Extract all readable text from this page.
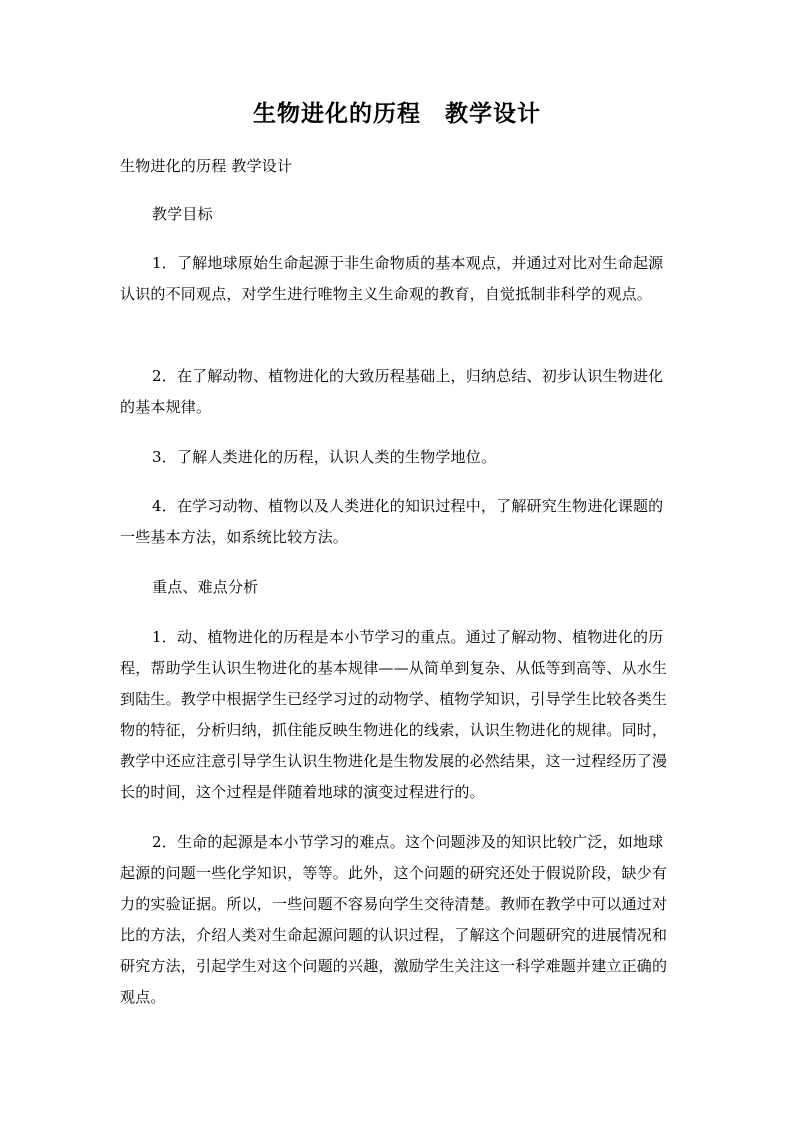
生物进化的历程　教学设计

生物进化的历程 教学设计

教学目标

1．了解地球原始生命起源于非生命物质的基本观点，并通过对比对生命起源认识的不同观点，对学生进行唯物主义生命观的教育，自觉抵制非科学的观点。

2．在了解动物、植物进化的大致历程基础上，归纳总结、初步认识生物进化的基本规律。

3．了解人类进化的历程，认识人类的生物学地位。

4．在学习动物、植物以及人类进化的知识过程中，了解研究生物进化课题的一些基本方法，如系统比较方法。

重点、难点分析

1．动、植物进化的历程是本小节学习的重点。通过了解动物、植物进化的历程，帮助学生认识生物进化的基本规律——从简单到复杂、从低等到高等、从水生到陆生。教学中根据学生已经学习过的动物学、植物学知识，引导学生比较各类生物的特征，分析归纳，抓住能反映生物进化的线索，认识生物进化的规律。同时，教学中还应注意引导学生认识生物进化是生物发展的必然结果，这一过程经历了漫长的时间，这个过程是伴随着地球的演变过程进行的。

2．生命的起源是本小节学习的难点。这个问题涉及的知识比较广泛，如地球起源的问题一些化学知识，等等。此外，这个问题的研究还处于假说阶段，缺少有力的实验证据。所以，一些问题不容易向学生交待清楚。教师在教学中可以通过对比的方法，介绍人类对生命起源问题的认识过程，了解这个问题研究的进展情况和研究方法，引起学生对这个问题的兴趣，激励学生关注这一科学难题并建立正确的观点。
